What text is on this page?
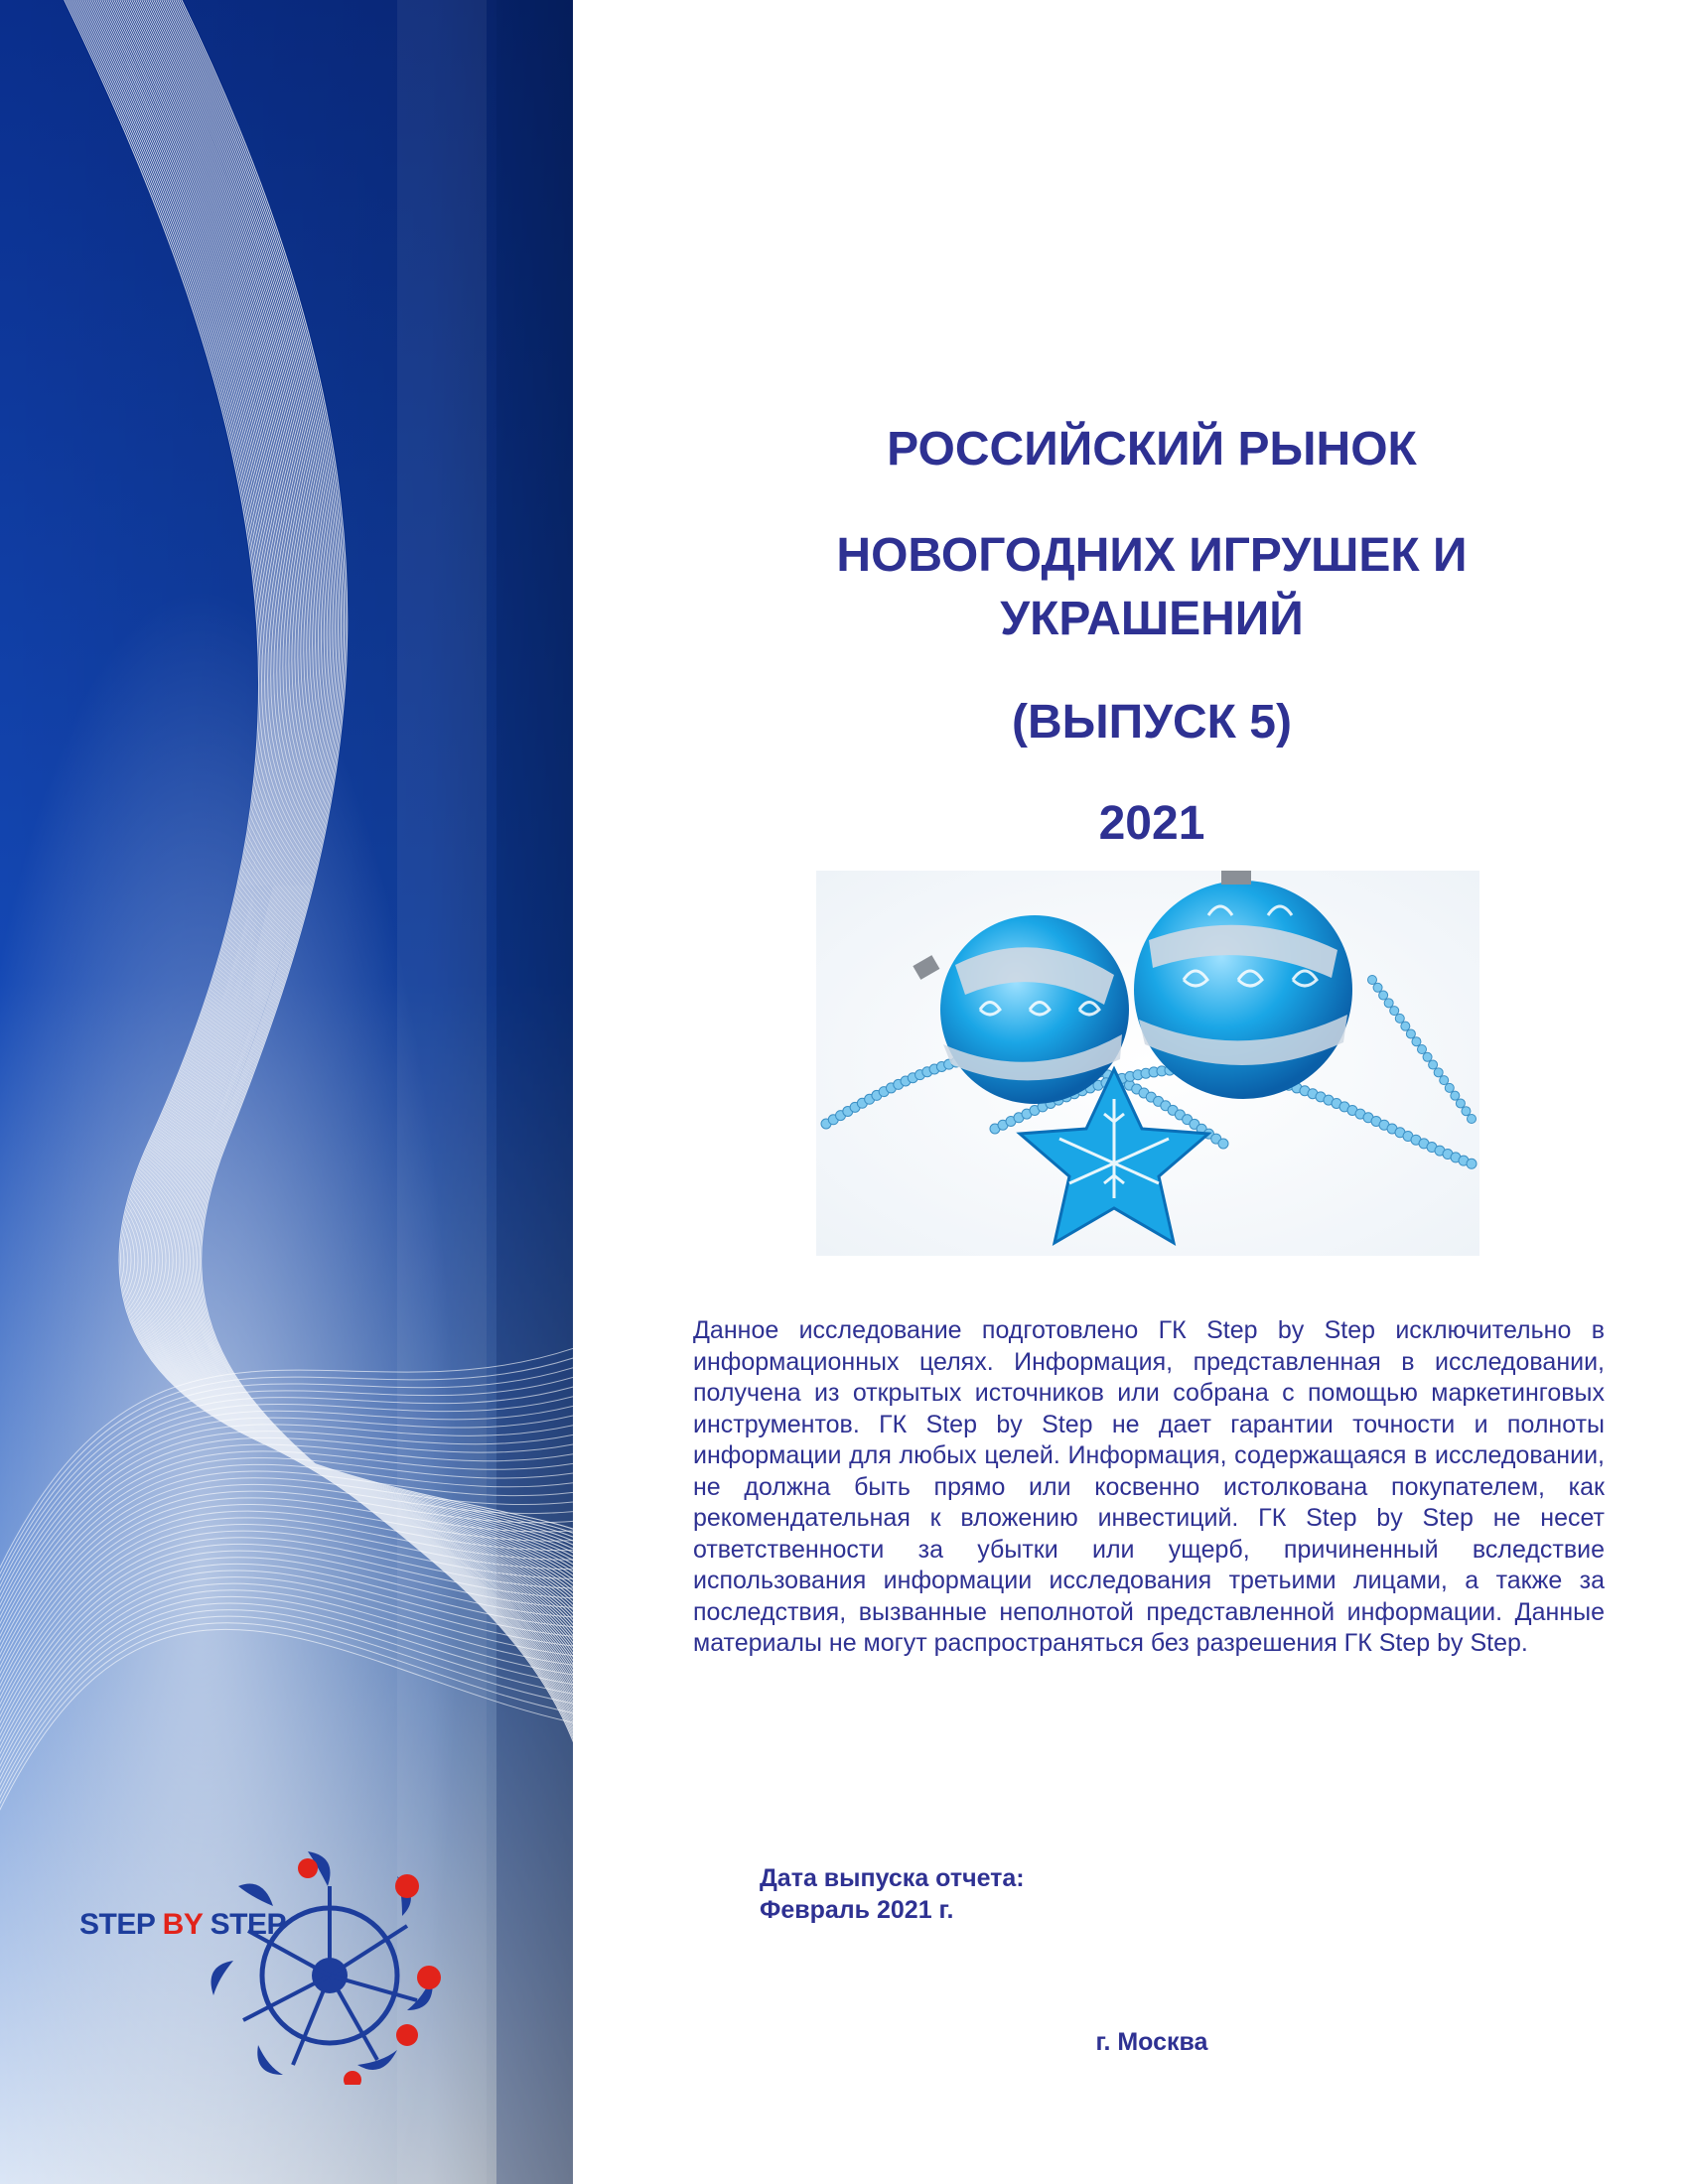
STEP BY STEP
РОССИЙСКИЙ РЫНОК
НОВОГОДНИХ ИГРУШЕК И
УКРАШЕНИЙ
(ВЫПУСК 5)
2021
Данное исследование подготовлено ГК Step by Step исключительно в информационных целях. Информация, представленная в исследовании, получена из открытых источников или собрана с помощью маркетинговых инструментов. ГК Step by Step не дает гарантии точности и полноты информации для любых целей. Информация, содержащаяся в исследовании, не должна быть прямо или косвенно истолкована покупателем, как рекомендательная к вложению инвестиций. ГК Step by Step не несет ответственности за убытки или ущерб, причиненный вследствие использования информации исследования третьими лицами, а также за последствия, вызванные неполнотой представленной информации. Данные материалы не могут распространяться без разрешения ГК Step by Step.
Дата выпуска отчета:
Февраль 2021 г.
г. Москва
